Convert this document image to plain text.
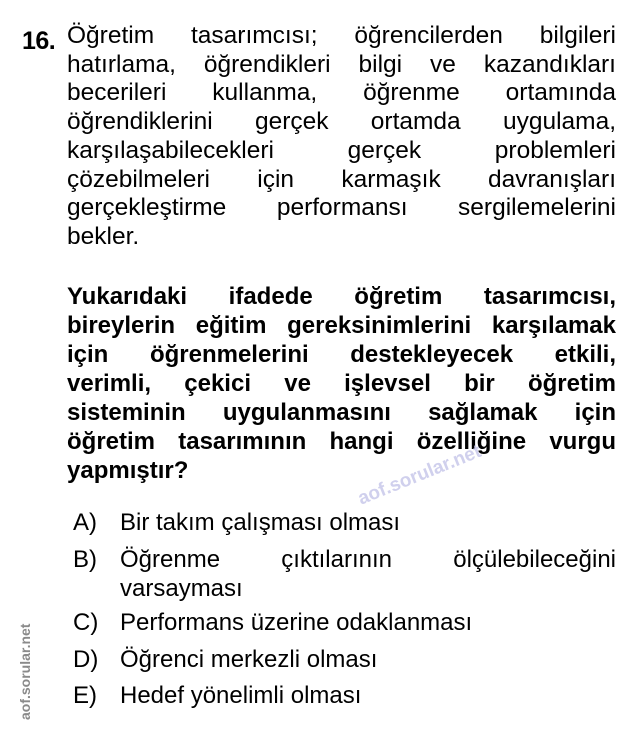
16. Öğretim tasarımcısı; öğrencilerden bilgileri
hatırlama, öğrendikleri bilgi ve kazandıkları
becerileri kullanma, öğrenme ortamında
öğrendiklerini gerçek ortamda uygulama,
karşılaşabilecekleri gerçek problemleri
çözebilmeleri için karmaşık davranışları
gerçekleştirme performansı sergilemelerini
bekler.
Yukarıdaki ifadede öğretim tasarımcısı,
bireylerin eğitim gereksinimlerini karşılamak
için öğrenmelerini destekleyecek etkili,
verimli, çekici ve işlevsel bir öğretim
sisteminin uygulanmasını sağlamak için
öğretim tasarımının hangi özelliğine vurgu
yapmıştır?
A) Bir takım çalışması olması
B) Öğrenme çıktılarının ölçülebileceğini
varsayması
C) Performans üzerine odaklanması
D) Öğrenci merkezli olması
E) Hedef yönelimli olması
aof.sorular.net
aof.sorular.net
